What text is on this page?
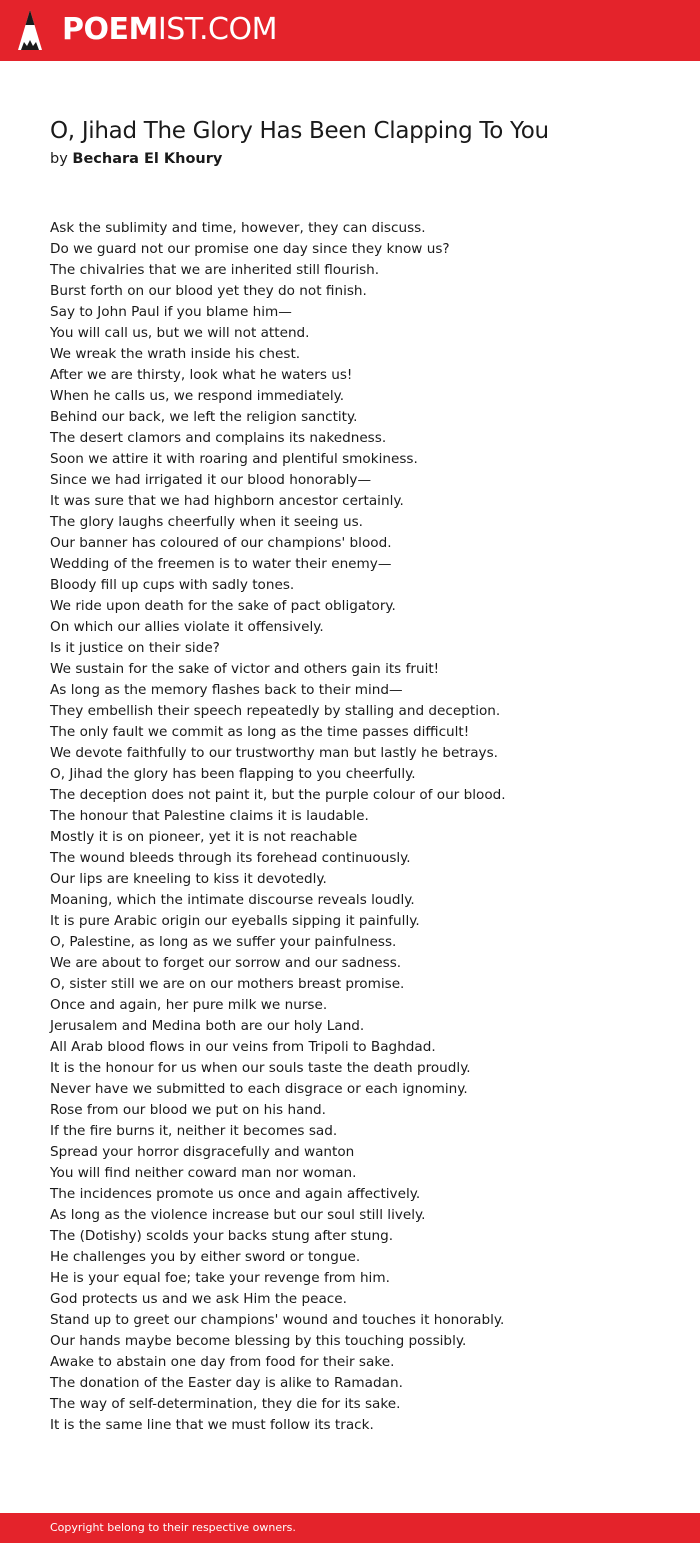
POEMIST.COM
O, Jihad The Glory Has Been Clapping To You
by Bechara El Khoury
Ask the sublimity and time, however, they can discuss.
Do we guard not our promise one day since they know us?
The chivalries that we are inherited still flourish.
Burst forth on our blood yet they do not finish.
Say to John Paul if you blame him—
You will call us, but we will not attend.
We wreak the wrath inside his chest.
After we are thirsty, look what he waters us!
When he calls us, we respond immediately.
Behind our back, we left the religion sanctity.
The desert clamors and complains its nakedness.
Soon we attire it with roaring and plentiful smokiness.
Since we had irrigated it our blood honorably—
It was sure that we had highborn ancestor certainly.
The glory laughs cheerfully when it seeing us.
Our banner has coloured of our champions' blood.
Wedding of the freemen is to water their enemy—
Bloody fill up cups with sadly tones.
We ride upon death for the sake of pact obligatory.
On which our allies violate it offensively.
Is it justice on their side?
We sustain for the sake of victor and others gain its fruit!
As long as the memory flashes back to their mind—
They embellish their speech repeatedly by stalling and deception.
The only fault we commit as long as the time passes difficult!
We devote faithfully to our trustworthy man but lastly he betrays.
O, Jihad the glory has been flapping to you cheerfully.
The deception does not paint it, but the purple colour of our blood.
The honour that Palestine claims it is laudable.
Mostly it is on pioneer, yet it is not reachable
The wound bleeds through its forehead continuously.
Our lips are kneeling to kiss it devotedly.
Moaning, which the intimate discourse reveals loudly.
It is pure Arabic origin our eyeballs sipping it painfully.
O, Palestine, as long as we suffer your painfulness.
We are about to forget our sorrow and our sadness.
O, sister still we are on our mothers breast promise.
Once and again, her pure milk we nurse.
Jerusalem and Medina both are our holy Land.
All Arab blood flows in our veins from Tripoli to Baghdad.
It is the honour for us when our souls taste the death proudly.
Never have we submitted to each disgrace or each ignominy.
Rose from our blood we put on his hand.
If the fire burns it, neither it becomes sad.
Spread your horror disgracefully and wanton
You will find neither coward man nor woman.
The incidences promote us once and again affectively.
As long as the violence increase but our soul still lively.
The (Dotishy) scolds your backs stung after stung.
He challenges you by either sword or tongue.
He is your equal foe; take your revenge from him.
God protects us and we ask Him the peace.
Stand up to greet our champions' wound and touches it honorably.
Our hands maybe become blessing by this touching possibly.
Awake to abstain one day from food for their sake.
The donation of the Easter day is alike to Ramadan.
The way of self-determination, they die for its sake.
It is the same line that we must follow its track.
Copyright belong to their respective owners.
